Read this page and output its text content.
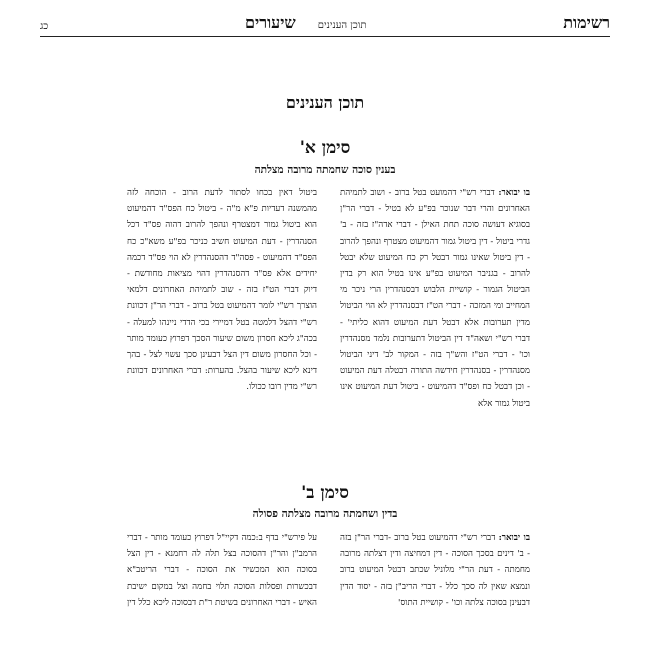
רשימות
תוכן הענינים
שיעורים
כג
תוכן הענינים
סימן א'
בענין סוכה שחמתה מרובה מצלתה
בו יבואר: דברי רש"י דהמועט בטל ברוב - ושוב לתמיהת האחרונים והרי דבר שנוכר בפ"ע לא בטיל - דברי הר"ן בסוגיא דעושה סוכה תחת האילן - דברי אדה"ז בזה - ב' גדרי ביטול - דין ביטול גמור דהמיעוט מצטרף ונהפך להרוב - דין ביטול שאינו גמור דבטל רק כח המיעוט שלא יבטל להרוב - בגניבר המיעוט בפ"ע אינו בטיל הוא רק בדין הביטול הגמור - קושיית הלבוש דבסנהדרין הרי ניכר מי המחייב ומי המזכה - דברי הט"ז דבסנהדרין לא הוי הביטול מדין תערובות אלא דבטל דעת המיעוט דהוא כליתי' - דברי רש"י ושאה"ד דין הביטול דתערובות נלמד מסנהדרין וכו' - דברי הט"ז והש"ך בזה - המקור לב' דיני הביטול מסנהדרין - בסנהדרין חידשה התורה דבטלה דעת המיעוט - וכן דבטל כח ופס"ד דהמיעוט - ביטול דעת המיעוט אינו ביטול גמור אלא
ביטול דאין בכחו לסתור לדעת הרוב - הוכחה לזה מהמשנה דעדיות פ"א מ"ה - ביטול כח הפס"ד דהמיעוט הוא ביטול גמור דמצטרף ונהפך להרוב דהוה פס"ד דכל הסנהדרין - דעת המיעוט חשיב כניכר בפ"ע משא"כ כח הפס"ד דהמיעוט - פסה"ד דהסנהדרין לא הוי פס"ד דכמה יחידים אלא פס"ד דהסנהדרין דהוי מציאות מחודשת - דיוק דברי הט"ז בזה - שוב לתמיהת האחרונים דלמאי הוצרך רש"י לומר דהמיעוט בטל ברוב - דברי הר"ן דכוונת רש"י דהצל דלמטה בטל דמיירי בכי הדדי ניינהו למעלה - בכה"ג ליכא חסרון משום שיעור הסכך דפרוץ כעומד מותר - וכל החסרון משום דין הצל דבעינן סכך עשוי לצל - בהך דינא ליכא שיעור בהצל. בהערות: דברי האחרונים דכוונת רש"י מדין רובו ככולו.
סימן ב'
בדין ושחמתה מרובה מצלתה פסולה
בו יבואר: דברי רש"י דהמיעוט בטל ברוב -דברי הר"ן בזה - ב' דינים בסכך הסוכה - דין דמחיצה ודין דצלתה מרובה מחמתה - דעת הר"י מלוניל שכתב דבטל המיעוט ברוב ונמצא שאין לה סכך כלל - דברי הריב"ן בזה - יסוד הדין דבעינן בסוכה צלתה וכו' - קושיית התוס'
על פירש"י בדף ב:כמה דקיי"ל דפרוץ כעומד מותר - דברי הרמב"ן והר"ן דהסוכה בצל תלה לה רחמנא - דין הצל בסוכה הוא המכשיר את הסוכה - דברי הריטב"א דבכשרות ופסלות הסוכה תלוי בחמה וצל במקום ישיבת האיש - דברי האחרונים בשיטת ר"ת דבסוכה ליכא כלל דין
